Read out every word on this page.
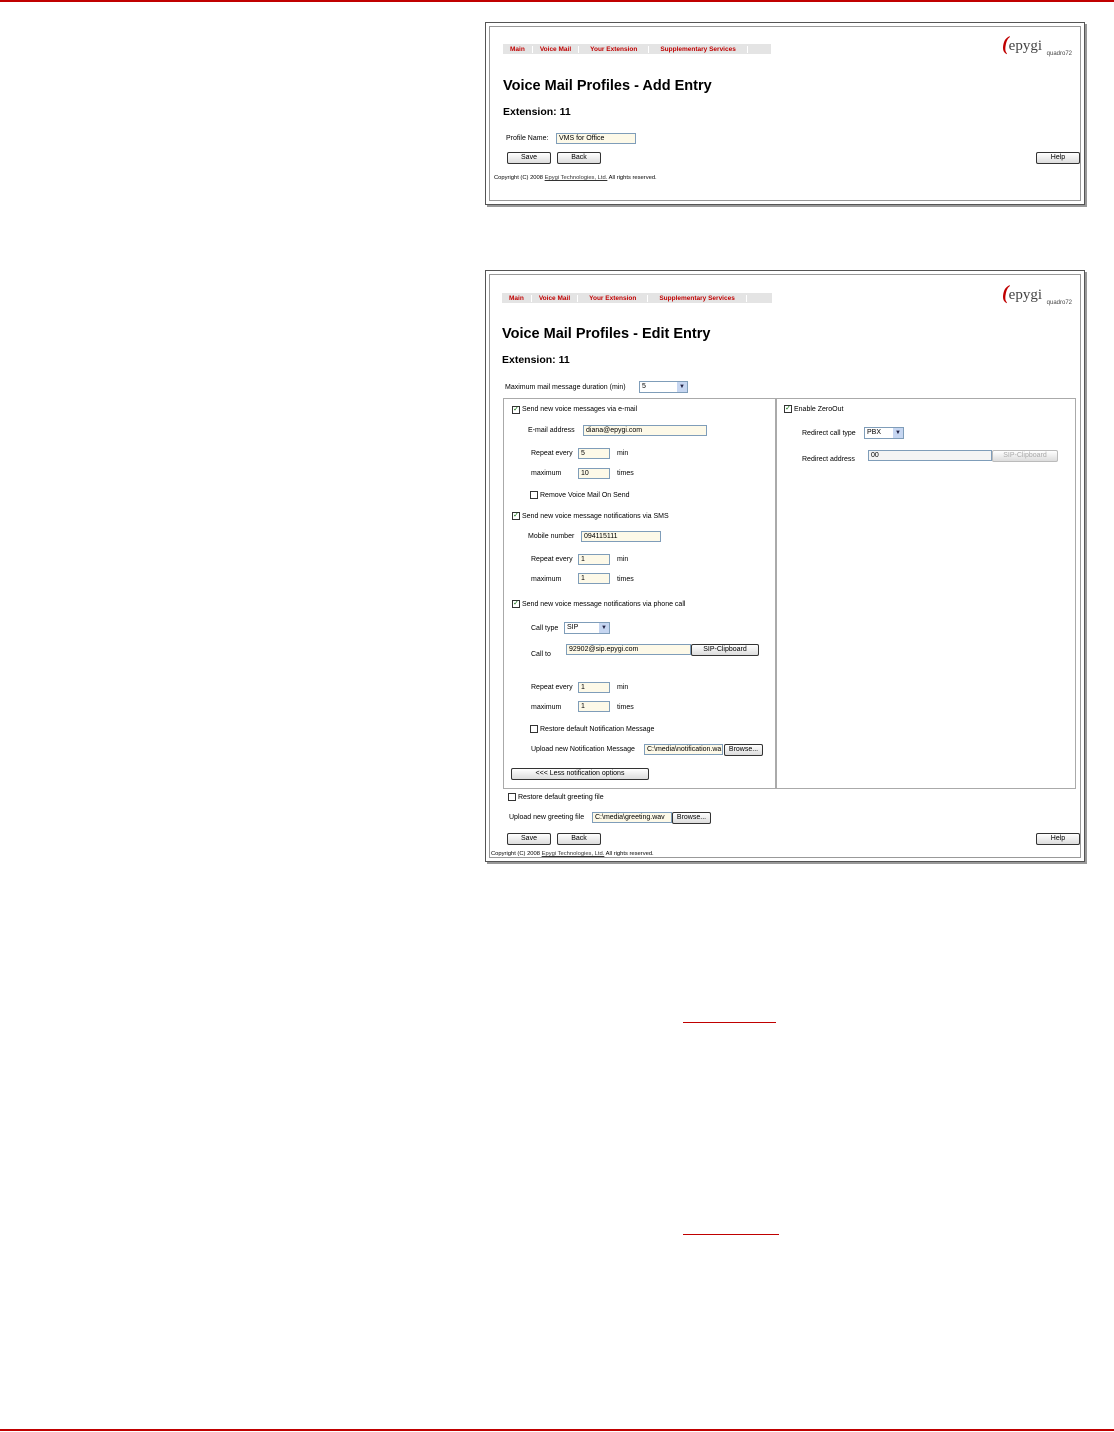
Main	Voice Mail	Your Extension	Supplementary Services	(epygi quadro72
Voice Mail Profiles - Add Entry
Extension: 11
Profile Name:	VMS for Office
Save	Back	Help
Copyright (C) 2008 Epygi Technologies, Ltd. All rights reserved.
Main	Voice Mail	Your Extension	Supplementary Services	(epygi quadro72
Voice Mail Profiles - Edit Entry
Extension: 11
Maximum mail message duration (min)	5	▼
✓ Send new voice messages via e-mail
E-mail address	diana@epygi.com
Repeat every	5	min
maximum	10	times
Remove Voice Mail On Send
✓ Send new voice message notifications via SMS
Mobile number	094115111
Repeat every	1	min
maximum	1	times
✓ Send new voice message notifications via phone call
Call type	SIP	▼
Call to
92902@sip.epygi.com	SIP-Clipboard
Repeat every	1	min
maximum	1	times
Restore default Notification Message
Upload new Notification Message	C:\media\notification.wa	Browse...
<<< Less notification options
✓ Enable ZeroOut
Redirect call type	PBX	▼
Redirect address
00	SIP-Clipboard
Restore default greeting file
Upload new greeting file	C:\media\greeting.wav	Browse...
Save	Back	Help
Copyright (C) 2008 Epygi Technologies, Ltd. All rights reserved.
